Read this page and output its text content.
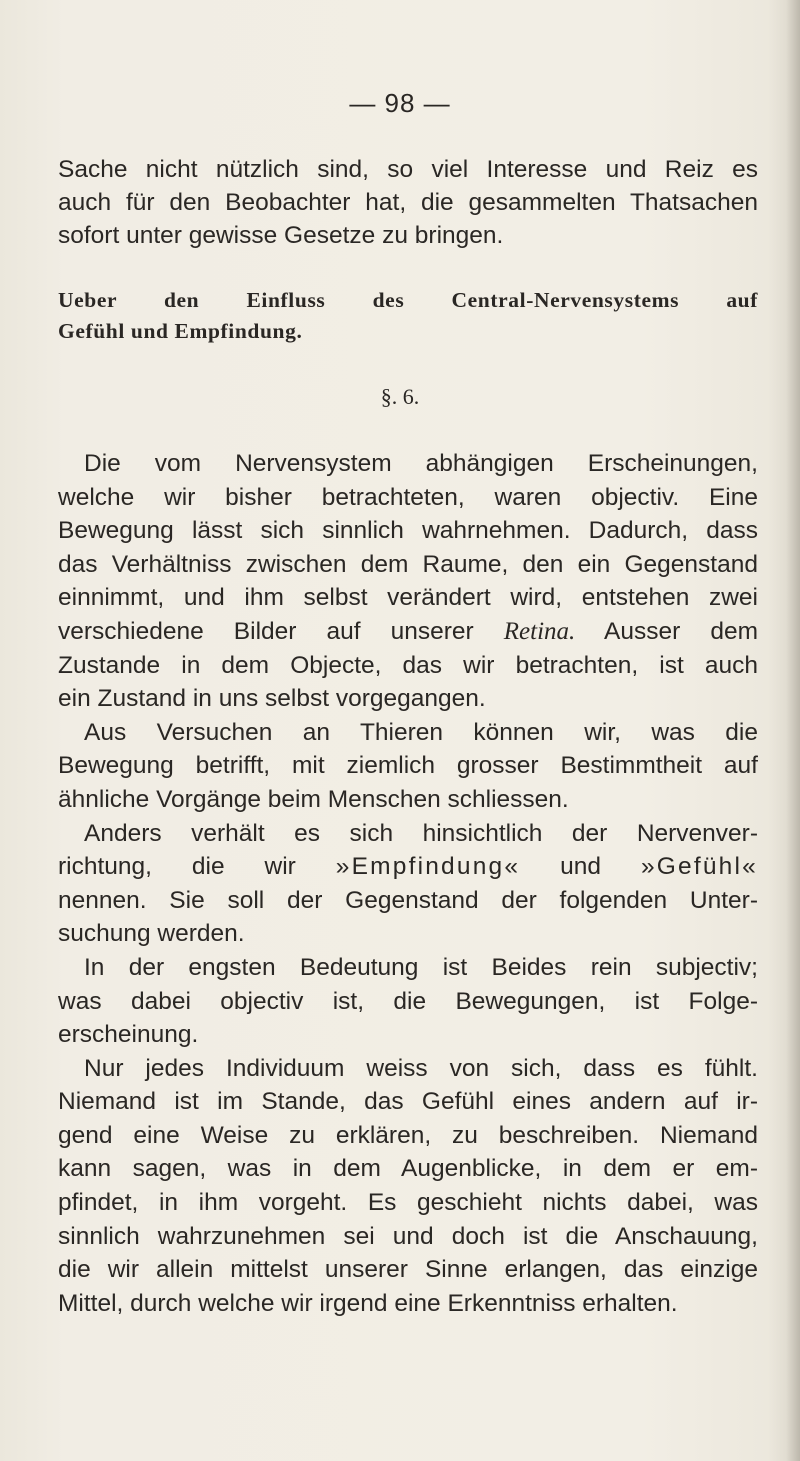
— 98 —
Sache nicht nützlich sind, so viel Interesse und Reiz es
auch für den Beobachter hat, die gesammelten Thatsachen
sofort unter gewisse Gesetze zu bringen.
Ueber den Einfluss des Central-Nervensystems auf
Gefühl und Empfindung.
§. 6.

Die vom Nervensystem abhängigen Erscheinungen,
welche wir bisher betrachteten, waren objectiv. Eine
Bewegung lässt sich sinnlich wahrnehmen. Dadurch, dass
das Verhältniss zwischen dem Raume, den ein Gegenstand
einnimmt, und ihm selbst verändert wird, entstehen zwei
verschiedene Bilder auf unserer Retina. Ausser dem
Zustande in dem Objecte, das wir betrachten, ist auch
ein Zustand in uns selbst vorgegangen.

Aus Versuchen an Thieren können wir, was die
Bewegung betrifft, mit ziemlich grosser Bestimmtheit auf
ähnliche Vorgänge beim Menschen schliessen.

Anders verhält es sich hinsichtlich der Nervenver-
richtung, die wir »Empfindung« und »Gefühl«
nennen. Sie soll der Gegenstand der folgenden Unter-
suchung werden.

In der engsten Bedeutung ist Beides rein subjectiv;
was dabei objectiv ist, die Bewegungen, ist Folge-
erscheinung.

Nur jedes Individuum weiss von sich, dass es fühlt.
Niemand ist im Stande, das Gefühl eines andern auf ir-
gend eine Weise zu erklären, zu beschreiben. Niemand
kann sagen, was in dem Augenblicke, in dem er em-
pfindet, in ihm vorgeht. Es geschieht nichts dabei, was
sinnlich wahrzunehmen sei und doch ist die Anschauung,
die wir allein mittelst unserer Sinne erlangen, das einzige
Mittel, durch welche wir irgend eine Erkenntniss erhalten.
